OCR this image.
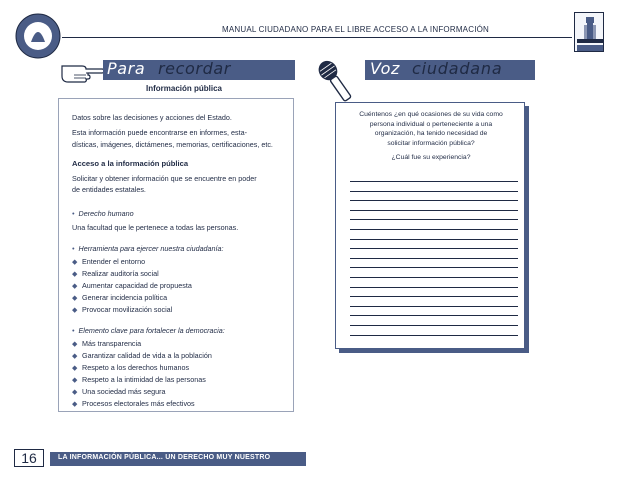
MANUAL CIUDADANO PARA EL LIBRE ACCESO A LA INFORMACIÓN
Para recordar
Información pública
Datos sobre las decisiones y acciones del Estado.
Esta información puede encontrarse en informes, esta-
dísticas, imágenes, dictámenes, memorias, certificaciones, etc.
Acceso a la información pública
Solicitar y obtener información que se encuentre en poder
de entidades estatales.
•  Derecho humano
Una facultad que le pertenece a todas las personas.
•  Herramienta para ejercer nuestra ciudadanía:
◆ Entender el entorno
◆ Realizar auditoría social
◆ Aumentar capacidad de propuesta
◆ Generar incidencia política
◆ Provocar movilización social
•  Elemento clave para fortalecer la democracia:
◆ Más transparencia
◆ Garantizar calidad de vida a la población
◆ Respeto a los derechos humanos
◆ Respeto a la intimidad de las personas
◆ Una sociedad más segura
◆ Procesos electorales más efectivos
Voz ciudadana
Cuéntenos ¿en qué ocasiones de su vida como
persona individual o perteneciente a una
organización, ha tenido necesidad de
solicitar información pública?
¿Cuál fue su experiencia?
16	LA INFORMACIÓN PÚBLICA... UN DERECHO MUY NUESTRO
